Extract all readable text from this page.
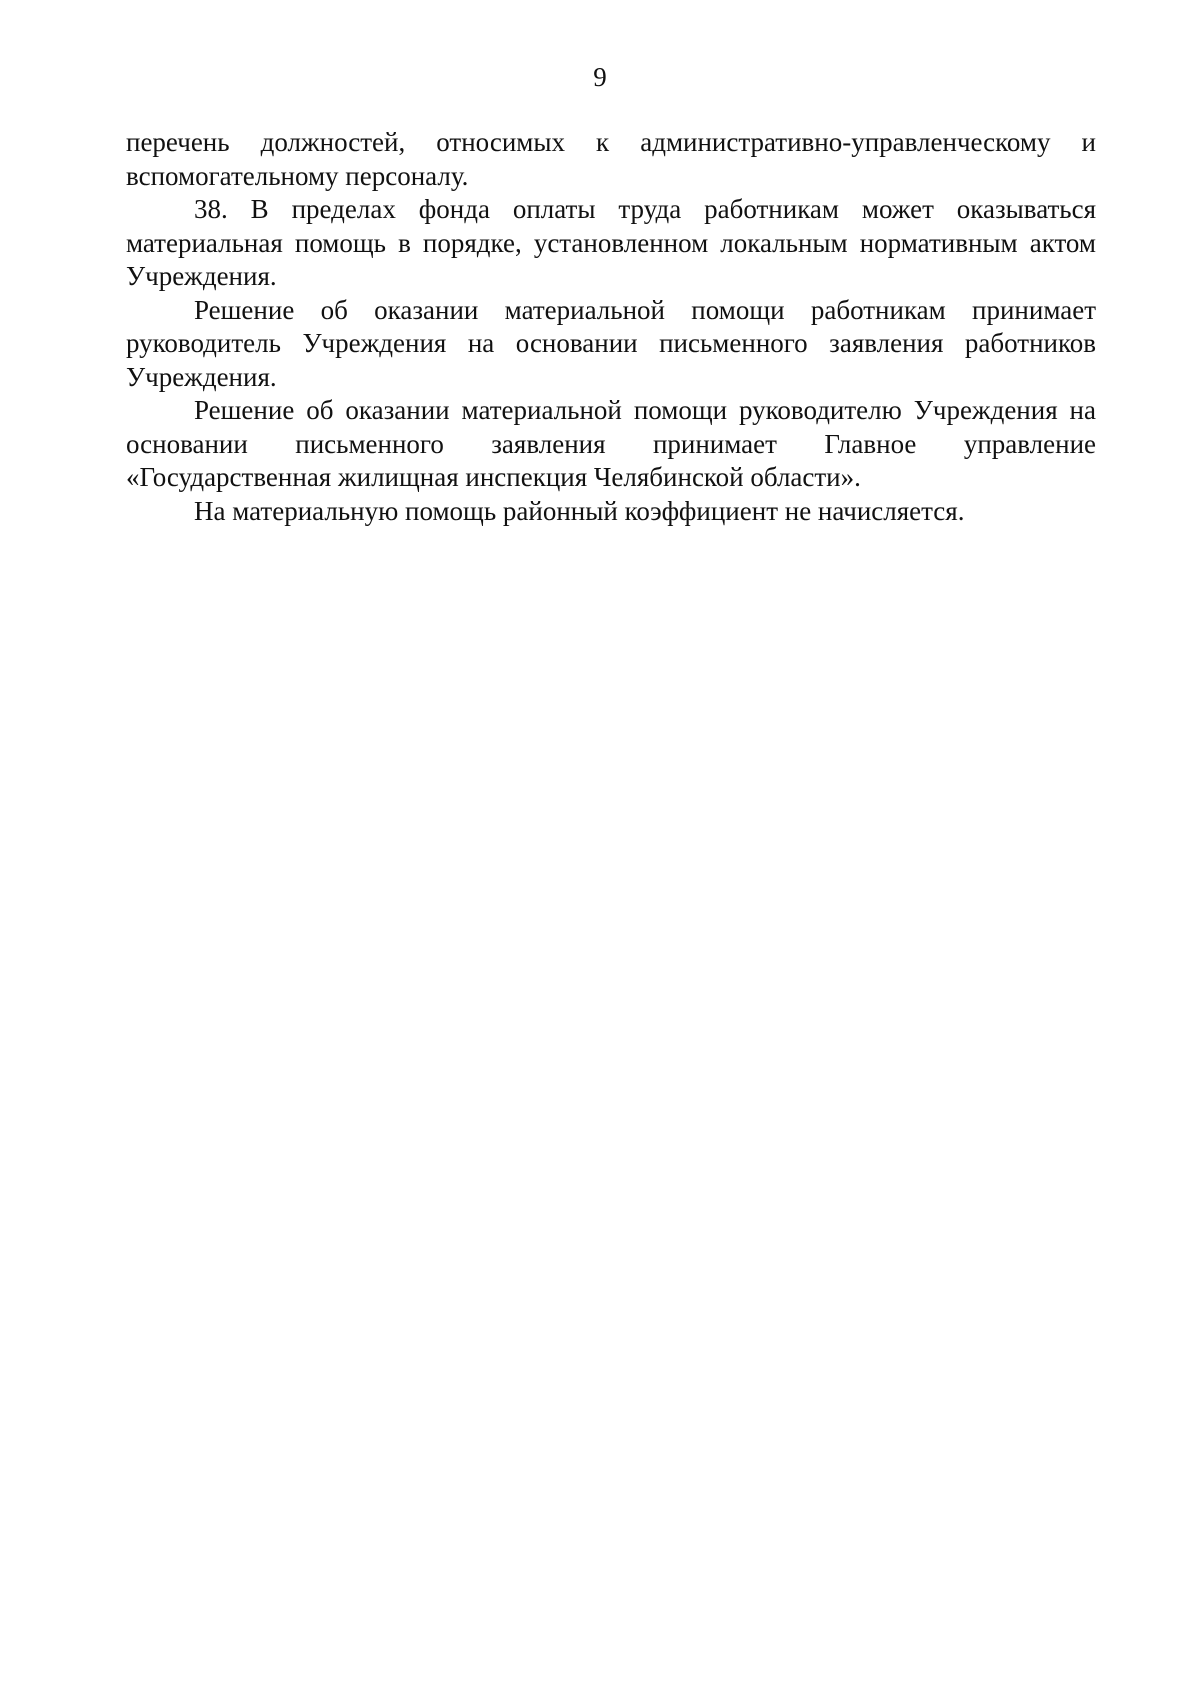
9

перечень должностей, относимых к административно-управленческому и вспомогательному персоналу.

38. В пределах фонда оплаты труда работникам может оказываться материальная помощь в порядке, установленном локальным нормативным актом Учреждения.

Решение об оказании материальной помощи работникам принимает руководитель Учреждения на основании письменного заявления работников Учреждения.

Решение об оказании материальной помощи руководителю Учреждения на основании письменного заявления принимает Главное управление «Государственная жилищная инспекция Челябинской области».

На материальную помощь районный коэффициент не начисляется.
